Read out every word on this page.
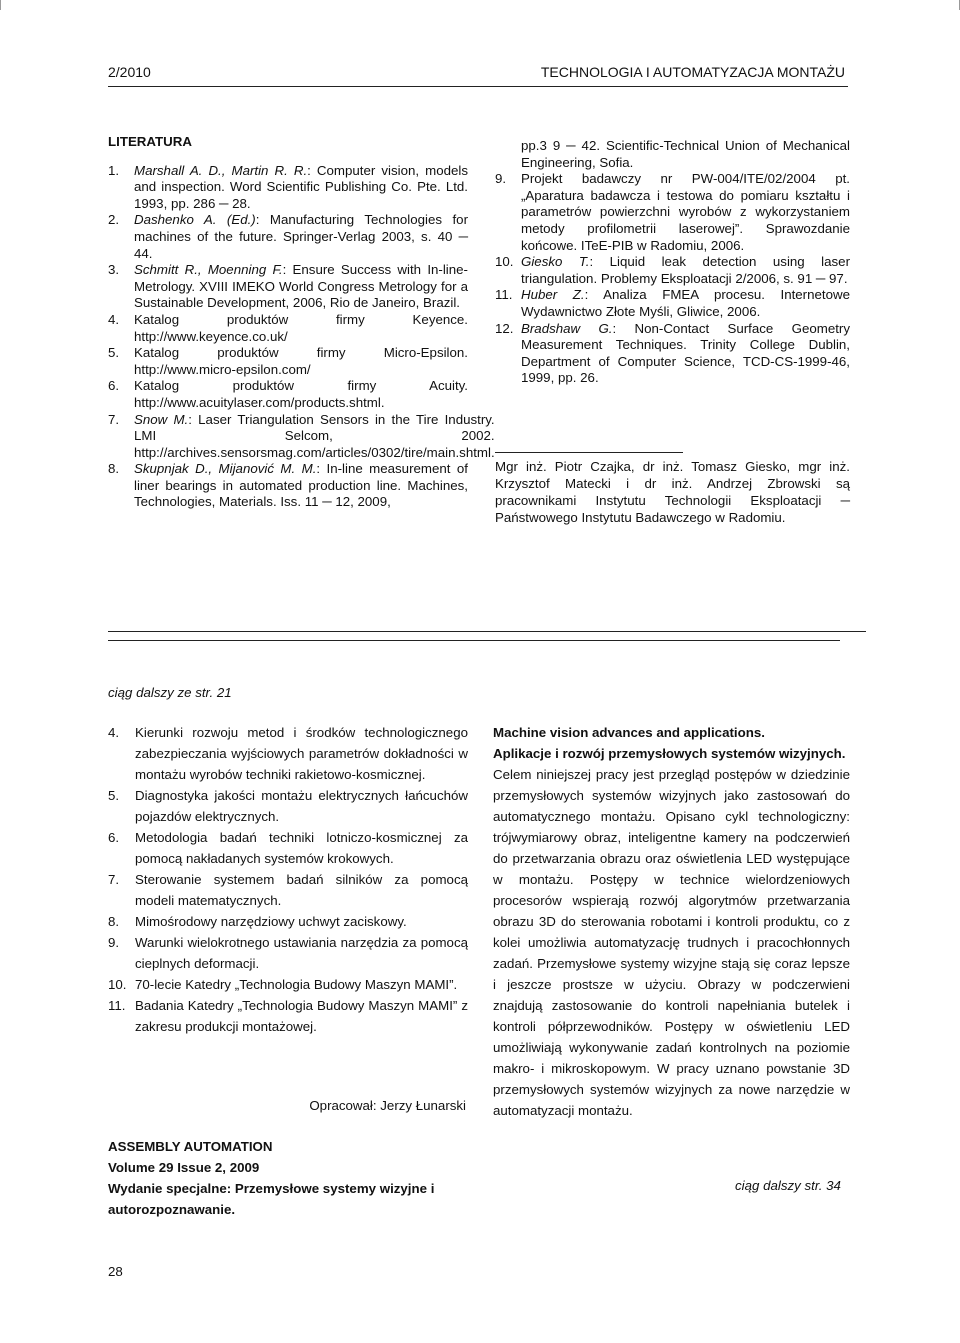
2/2010	TECHNOLOGIA I AUTOMATYZACJA MONTAŻU
LITERATURA
1.	Marshall A. D., Martin R. R.: Computer vision, models and inspection. Word Scientific Publishing Co. Pte. Ltd. 1993, pp. 286 ─ 28.
2.	Dashenko A. (Ed.): Manufacturing Technologies for machines of the future. Springer-Verlag 2003, s. 40 ─ 44.
3.	Schmitt R., Moenning F.: Ensure Success with In-line-Metrology. XVIII IMEKO World Congress Metrology for a Sustainable Development, 2006, Rio de Janeiro, Brazil.
4.	Katalog produktów firmy Keyence. http://www.keyence.co.uk/
5.	Katalog produktów firmy Micro-Epsilon. http://www.micro-epsilon.com/
6.	Katalog produktów firmy Acuity. http://www.acuitylaser.com/products.shtml.
7.	Snow M.: Laser Triangulation Sensors in the Tire Industry. LMI Selcom, 2002. http://archives.sensorsmag.com/articles/0302/tire/main.shtml.
8.	Skupnjak D., Mijanović M. M.: In-line measurement of liner bearings in automated production line. Machines, Technologies, Materials. Iss. 11 ─ 12, 2009,
pp.3 9 ─ 42. Scientific-Technical Union of Mechanical Engineering, Sofia.
9.	Projekt badawczy nr PW-004/ITE/02/2004 pt. „Aparatura badawcza i testowa do pomiaru kształtu i parametrów powierzchni wyrobów z wykorzystaniem metody profilometrii laserowej”. Sprawozdanie końcowe. ITeE-PIB w Radomiu, 2006.
10. Giesko T.: Liquid leak detection using laser triangulation. Problemy Eksploatacji 2/2006, s. 91 ─ 97.
11. Huber Z.: Analiza FMEA procesu. Internetowe Wydawnictwo Złote Myśli, Gliwice, 2006.
12. Bradshaw G.: Non-Contact Surface Geometry Measurement Techniques. Trinity College Dublin, Department of Computer Science, TCD-CS-1999-46, 1999, pp. 26.
Mgr inż. Piotr Czajka, dr inż. Tomasz Giesko, mgr inż. Krzysztof Matecki i dr inż. Andrzej Zbrowski są pracownikami Instytutu Technologii Eksploatacji ─ Państwowego Instytutu Badawczego w Radomiu.
ciąg dalszy ze str. 21
4.	Kierunki rozwoju metod i środków technologicznego zabezpieczania wyjściowych parametrów dokładności w montażu wyrobów techniki rakietowo-kosmicznej.
5.	Diagnostyka jakości montażu elektrycznych łańcuchów pojazdów elektrycznych.
6.	Metodologia badań techniki lotniczo-kosmicznej za pomocą nakładanych systemów krokowych.
7.	Sterowanie systemem badań silników za pomocą modeli matematycznych.
8.	Mimośrodowy narzędziowy uchwyt zaciskowy.
9.	Warunki wielokrotnego ustawiania narzędzia za pomocą cieplnych deformacji.
10. 70-lecie Katedry „Technologia Budowy Maszyn MAMI”.
11. Badania Katedry „Technologia Budowy Maszyn MAMI” z zakresu produkcji montażowej.
Opracował: Jerzy Łunarski
ASSEMBLY AUTOMATION
Volume 29 Issue 2, 2009
Wydanie specjalne: Przemysłowe systemy wizyjne i autorozpoznawanie.
Machine vision advances and applications.
Aplikacje i rozwój przemysłowych systemów wizyjnych.
Celem niniejszej pracy jest przegląd postępów w dziedzinie przemysłowych systemów wizyjnych jako zastosowań do automatycznego montażu. Opisano cykl technologiczny: trójwymiarowy obraz, inteligentne kamery na podczerwień do przetwarzania obrazu oraz oświetlenia LED występujące w montażu. Postępy w technice wielordzeniowych procesorów wspierają rozwój algorytmów przetwarzania obrazu 3D do sterowania robotami i kontroli produktu, co z kolei umożliwia automatyzację trudnych i pracochłonnych zadań. Przemysłowe systemy wizyjne stają się coraz lepsze i jeszcze prostsze w użyciu. Obrazy w podczerwieni znajdują zastosowanie do kontroli napełniania butelek i kontroli półprzewodników. Postępy w oświetleniu LED umożliwiają wykonywanie zadań kontrolnych na poziomie makro- i mikroskopowym. W pracy uznano powstanie 3D przemysłowych systemów wizyjnych za nowe narzędzie w automatyzacji montażu.
ciąg dalszy str. 34
28
